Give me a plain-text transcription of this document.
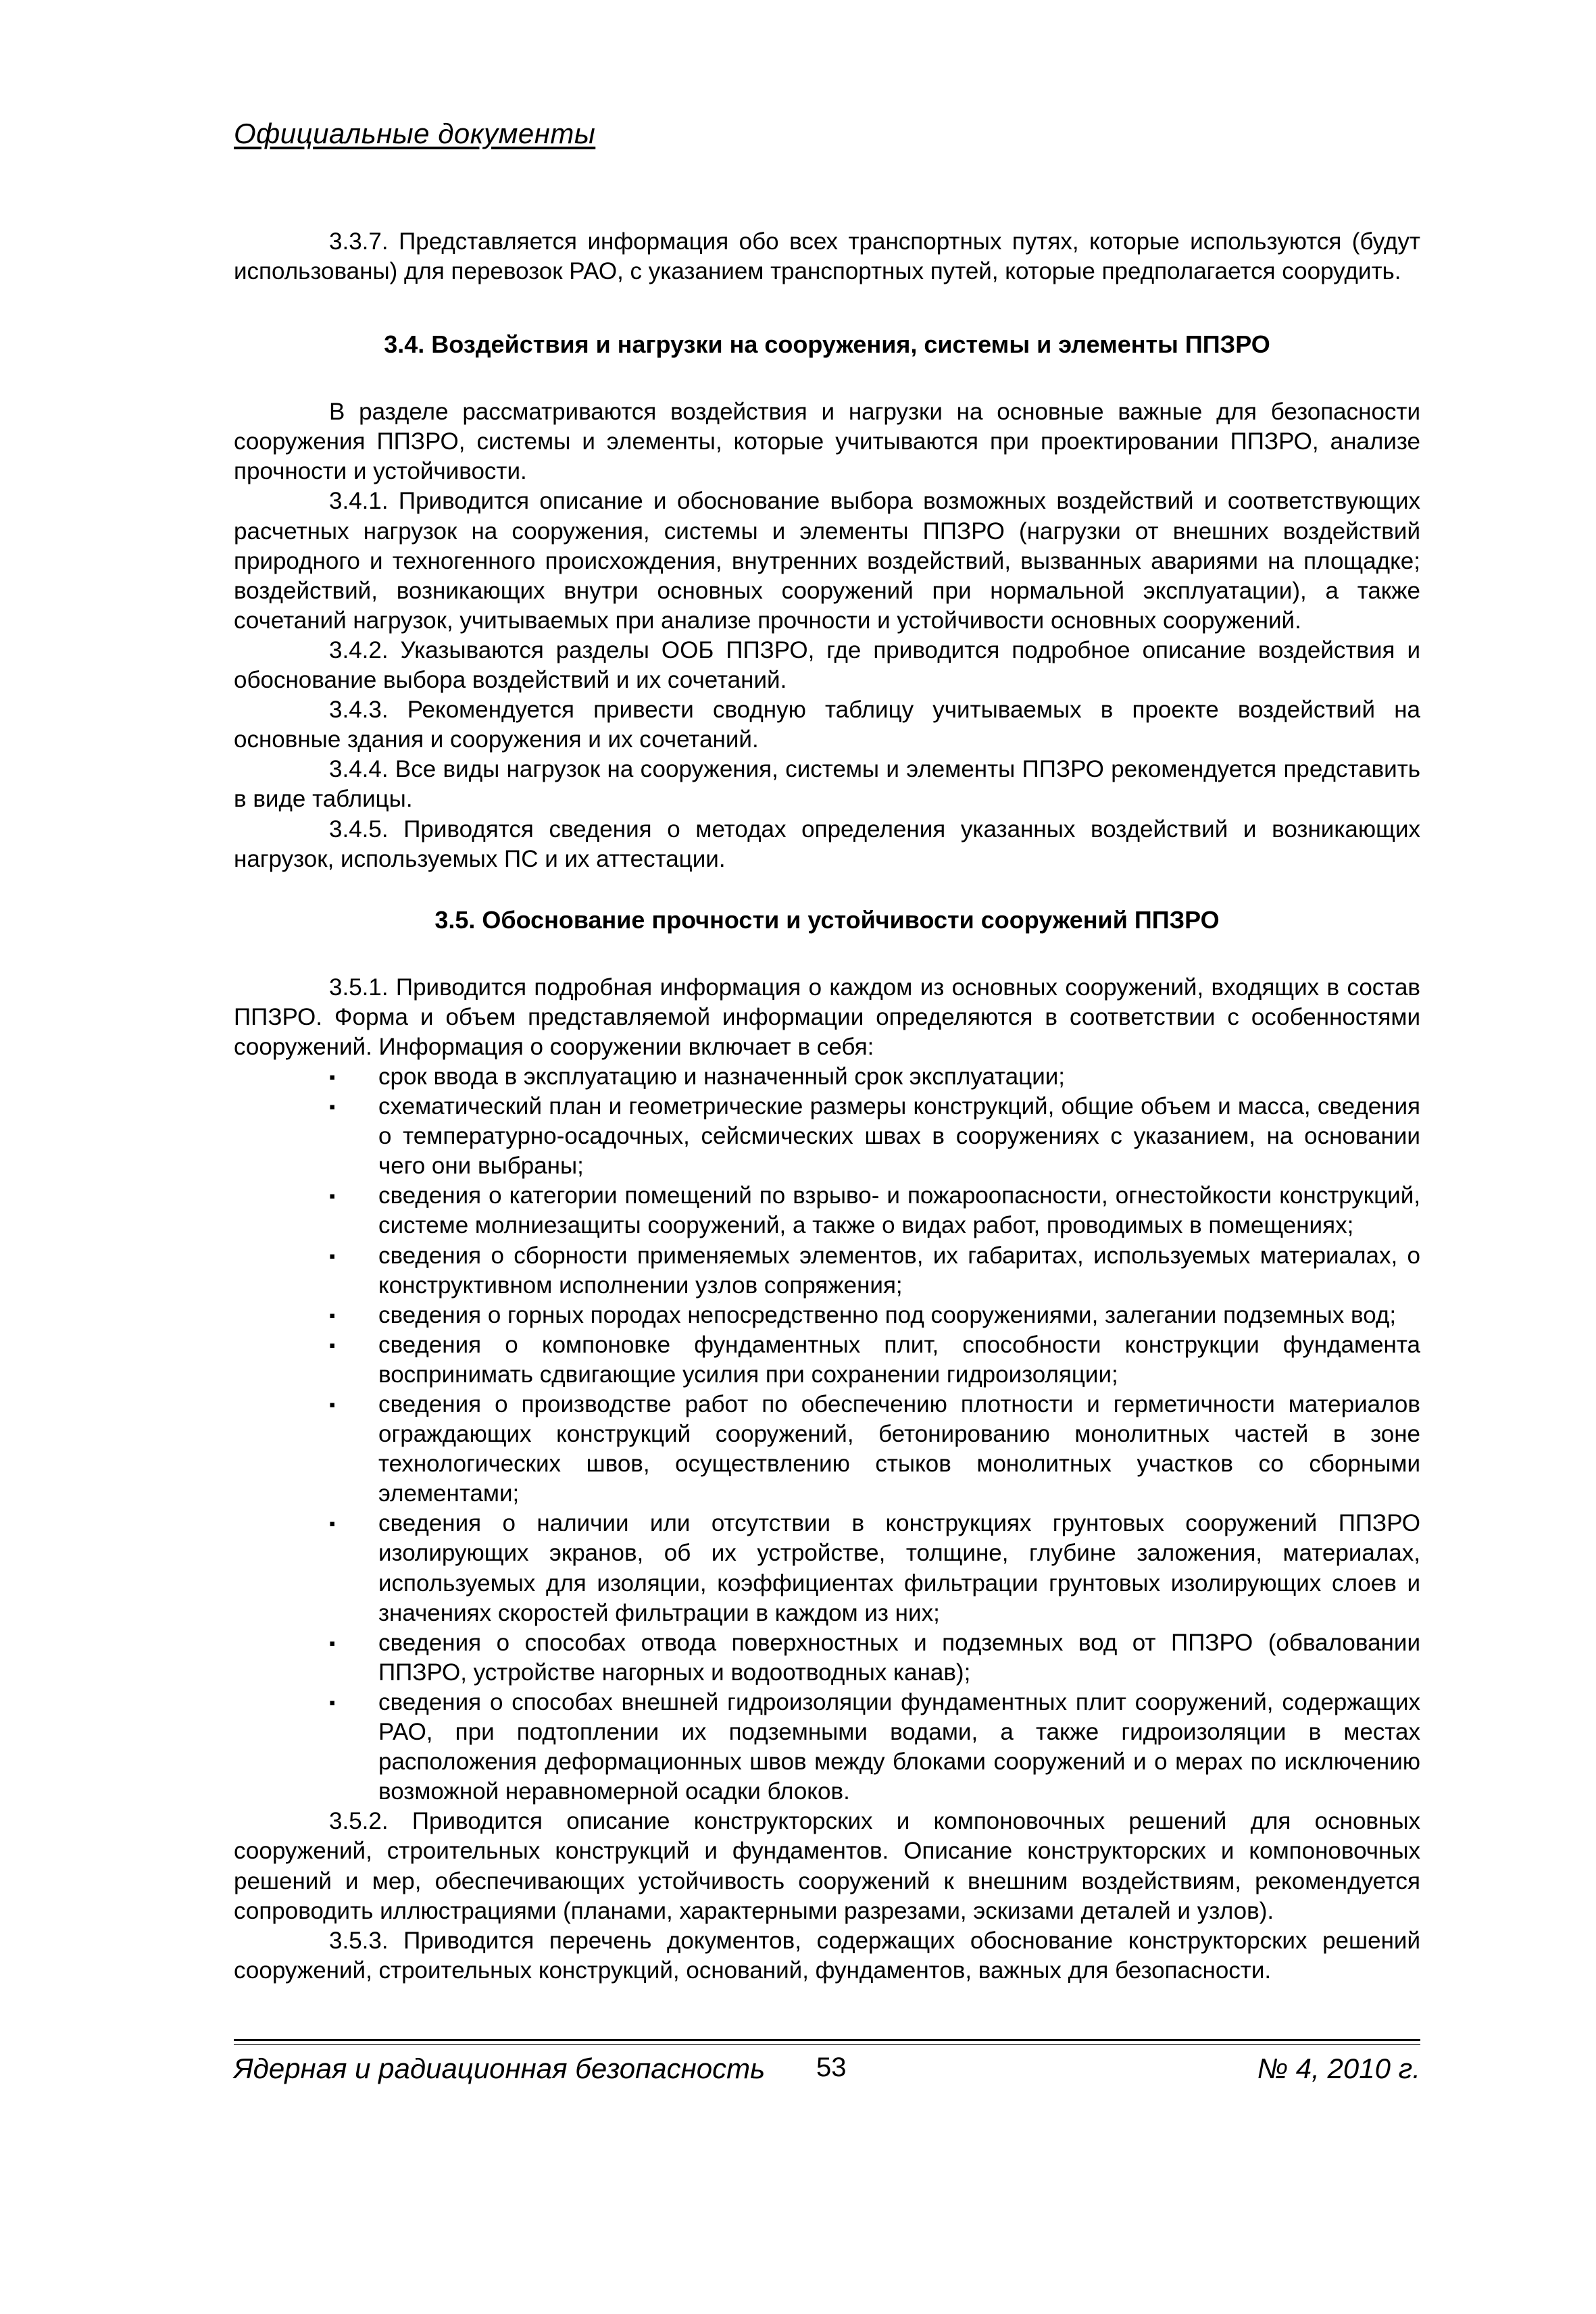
Официальные документы

3.3.7. Представляется информация обо всех транспортных путях, которые используются (будут использованы) для перевозок РАО, с указанием транспортных путей, которые предполагается соорудить.

3.4. Воздействия и нагрузки на сооружения, системы и элементы ППЗРО

В разделе рассматриваются воздействия и нагрузки на основные важные для безопасности сооружения ППЗРО, системы и элементы, которые учитываются при проектировании ППЗРО, анализе прочности и устойчивости.

3.4.1. Приводится описание и обоснование выбора возможных воздействий и соответствующих расчетных нагрузок на сооружения, системы и элементы ППЗРО (нагрузки от внешних воздействий природного и техногенного происхождения, внутренних воздействий, вызванных авариями на площадке; воздействий, возникающих внутри основных сооружений при нормальной эксплуатации), а также сочетаний нагрузок, учитываемых при анализе прочности и устойчивости основных сооружений.

3.4.2. Указываются разделы ООБ ППЗРО, где приводится подробное описание воздействия и обоснование выбора воздействий и их сочетаний.

3.4.3. Рекомендуется привести сводную таблицу учитываемых в проекте воздействий на основные здания и сооружения и их сочетаний.

3.4.4. Все виды нагрузок на сооружения, системы и элементы ППЗРО рекомендуется представить в виде таблицы.

3.4.5. Приводятся сведения о методах определения указанных воздействий и возникающих нагрузок, используемых ПС и их аттестации.

3.5. Обоснование прочности и устойчивости сооружений ППЗРО

3.5.1. Приводится подробная информация о каждом из основных сооружений, входящих в состав ППЗРО. Форма и объем представляемой информации определяются в соответствии с особенностями сооружений. Информация о сооружении включает в себя:

▪	срок ввода в эксплуатацию и назначенный срок эксплуатации;
▪	схематический план и геометрические размеры конструкций, общие объем и масса, сведения о температурно-осадочных, сейсмических швах в сооружениях с указанием, на основании чего они выбраны;
▪	сведения о категории помещений по взрыво- и пожароопасности, огнестойкости конструкций, системе молниезащиты сооружений, а также о видах работ, проводимых в помещениях;
▪	сведения о сборности применяемых элементов, их габаритах, используемых материалах, о конструктивном исполнении узлов сопряжения;
▪	сведения о горных породах непосредственно под сооружениями, залегании подземных вод;
▪	сведения о компоновке фундаментных плит, способности конструкции фундамента воспринимать сдвигающие усилия при сохранении гидроизоляции;
▪	сведения о производстве работ по обеспечению плотности и герметичности материалов ограждающих конструкций сооружений, бетонированию монолитных частей в зоне технологических швов, осуществлению стыков монолитных участков со сборными элементами;
▪	сведения о наличии или отсутствии в конструкциях грунтовых сооружений ППЗРО изолирующих экранов, об их устройстве, толщине, глубине заложения, материалах, используемых для изоляции, коэффициентах фильтрации грунтовых изолирующих слоев и значениях скоростей фильтрации в каждом из них;
▪	сведения о способах отвода поверхностных и подземных вод от ППЗРО (обваловании ППЗРО, устройстве нагорных и водоотводных канав);
▪	сведения о способах внешней гидроизоляции фундаментных плит сооружений, содержащих РАО, при подтоплении их подземными водами, а также гидроизоляции в местах расположения деформационных швов между блоками сооружений и о мерах по исключению возможной неравномерной осадки блоков.

3.5.2. Приводится описание конструкторских и компоновочных решений для основных сооружений, строительных конструкций и фундаментов. Описание конструкторских и компоновочных решений и мер, обеспечивающих устойчивость сооружений к внешним воздействиям, рекомендуется сопроводить иллюстрациями (планами, характерными разрезами, эскизами деталей и узлов).

3.5.3. Приводится перечень документов, содержащих обоснование конструкторских решений сооружений, строительных конструкций, оснований, фундаментов, важных для безопасности.

Ядерная и радиационная безопасность 53	№ 4, 2010 г.
